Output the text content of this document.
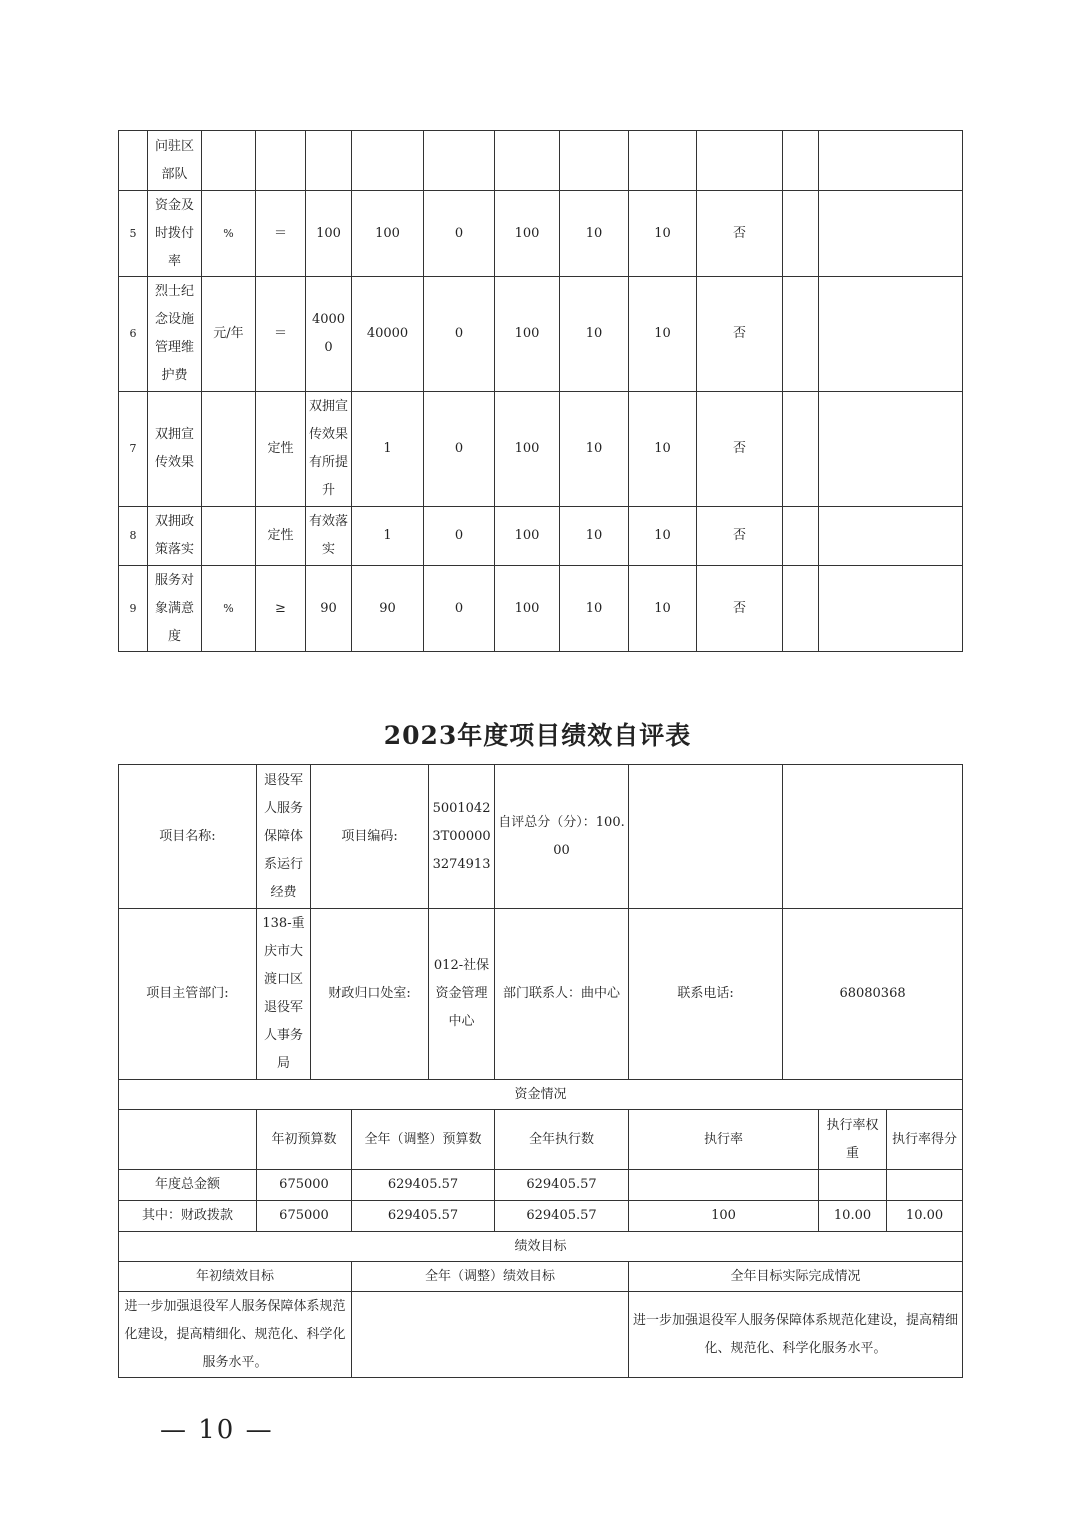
	问驻区部队											
5	资金及时拨付率	%	＝	100	100	0	100	10	10	否		
6	烈士纪念设施管理维护费	元/年	＝	40000	40000	0	100	10	10	否		
7	双拥宣传效果		定性	双拥宣传效果有所提升	1	0	100	10	10	否		
8	双拥政策落实		定性	有效落实	1	0	100	10	10	否		
9	服务对象满意度	%	≥	90	90	0	100	10	10	否		
2023年度项目绩效自评表
项目名称:	退役军人服务保障体系运行经费	项目编码:		50010423T000003274913	自评总分（分）：100.00				
项目主管部门:	138-重庆市大渡口区退役军人事务局	财政归口处室:		012-社保资金管理中心	部门联系人：曲中心	联系电话:	68080368		
资金情况									
	年初预算数		全年（调整）预算数		全年执行数	执行率		执行率权重	执行率得分
年度总金额	675000		629405.57		629405.57				
其中：财政拨款	675000		629405.57		629405.57	100		10.00	10.00
绩效目标									
年初绩效目标			全年（调整）绩效目标			全年目标实际完成情况			
进一步加强退役军人服务保障体系规范化建设，提高精细化、规范化、科学化服务水平。						进一步加强退役军人服务保障体系规范化建设，提高精细化、规范化、科学化服务水平。			
— 10 —
